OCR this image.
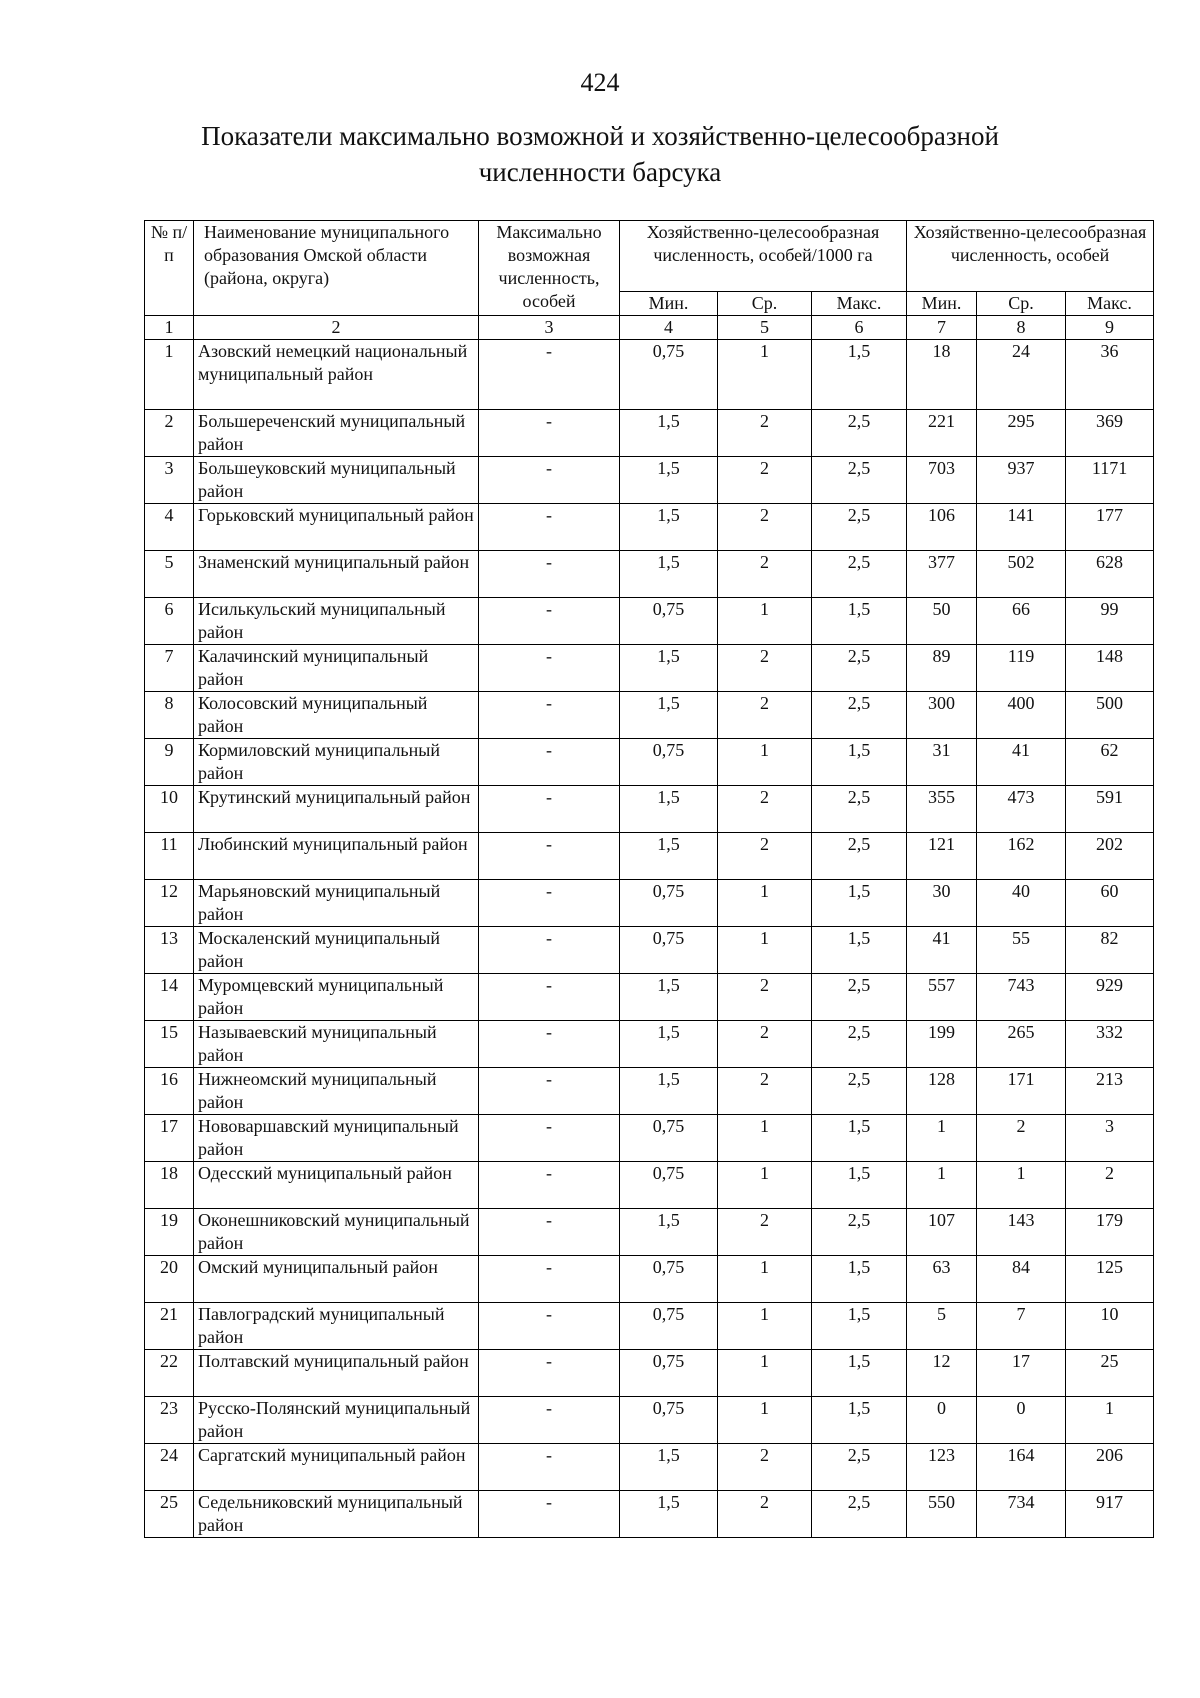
424
Показатели максимально возможной и хозяйственно-целесообразной
численности барсука
№ п/п	Наименование муниципального образования Омской области (района, округа)	Максимально возможная численность, особей	Хозяйственно-целесообразная численность, особей/1000 га			Хозяйственно-целесообразная численность, особей		
			Мин.	Ср.	Макс.	Мин.	Ср.	Макс.
1	2	3	4	5	6	7	8	9
1	Азовский немецкий национальный муниципальный район	-	0,75	1	1,5	18	24	36
2	Большереченский муниципальный район	-	1,5	2	2,5	221	295	369
3	Большеуковский муниципальный район	-	1,5	2	2,5	703	937	1171
4	Горьковский муниципальный район	-	1,5	2	2,5	106	141	177
5	Знаменский муниципальный район	-	1,5	2	2,5	377	502	628
6	Исилькульский муниципальный район	-	0,75	1	1,5	50	66	99
7	Калачинский муниципальный район	-	1,5	2	2,5	89	119	148
8	Колосовский муниципальный район	-	1,5	2	2,5	300	400	500
9	Кормиловский муниципальный район	-	0,75	1	1,5	31	41	62
10	Крутинский муниципальный район	-	1,5	2	2,5	355	473	591
11	Любинский муниципальный район	-	1,5	2	2,5	121	162	202
12	Марьяновский муниципальный район	-	0,75	1	1,5	30	40	60
13	Москаленский муниципальный район	-	0,75	1	1,5	41	55	82
14	Муромцевский муниципальный район	-	1,5	2	2,5	557	743	929
15	Называевский муниципальный район	-	1,5	2	2,5	199	265	332
16	Нижнеомский муниципальный район	-	1,5	2	2,5	128	171	213
17	Нововаршавский муниципальный район	-	0,75	1	1,5	1	2	3
18	Одесский муниципальный район	-	0,75	1	1,5	1	1	2
19	Оконешниковский муниципальный район	-	1,5	2	2,5	107	143	179
20	Омский муниципальный район	-	0,75	1	1,5	63	84	125
21	Павлоградский муниципальный район	-	0,75	1	1,5	5	7	10
22	Полтавский муниципальный район	-	0,75	1	1,5	12	17	25
23	Русско-Полянский муниципальный район	-	0,75	1	1,5	0	0	1
24	Саргатский муниципальный район	-	1,5	2	2,5	123	164	206
25	Седельниковский муниципальный район	-	1,5	2	2,5	550	734	917
